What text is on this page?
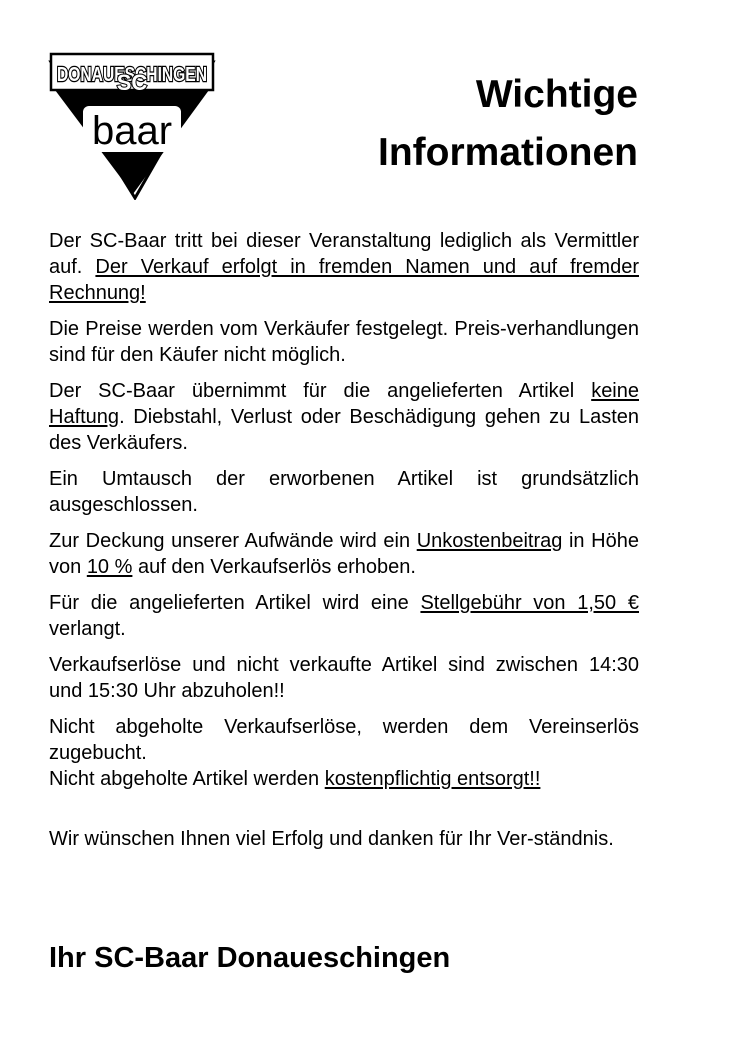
DONAUESCHINGEN
SC
baar
Wichtige
Informationen

Der SC-Baar tritt bei dieser Veranstaltung lediglich als Vermittler auf. Der Verkauf erfolgt in fremden Namen und auf fremder Rechnung!

Die Preise werden vom Verkäufer festgelegt. Preis-verhandlungen sind für den Käufer nicht möglich.

Der SC-Baar übernimmt für die angelieferten Artikel keine Haftung. Diebstahl, Verlust oder Beschädigung gehen zu Lasten des Verkäufers.

Ein Umtausch der erworbenen Artikel ist grundsätzlich ausgeschlossen.

Zur Deckung unserer Aufwände wird ein Unkostenbeitrag in Höhe von 10 % auf den Verkaufserlös erhoben.

Für die angelieferten Artikel wird eine Stellgebühr von 1,50 € verlangt.

Verkaufserlöse und nicht verkaufte Artikel sind zwischen 14:30 und 15:30 Uhr abzuholen!!

Nicht abgeholte Verkaufserlöse, werden dem Vereinserlös zugebucht.
Nicht abgeholte Artikel werden kostenpflichtig entsorgt!!

Wir wünschen Ihnen viel Erfolg und danken für Ihr Ver-ständnis.

Ihr SC-Baar Donaueschingen
